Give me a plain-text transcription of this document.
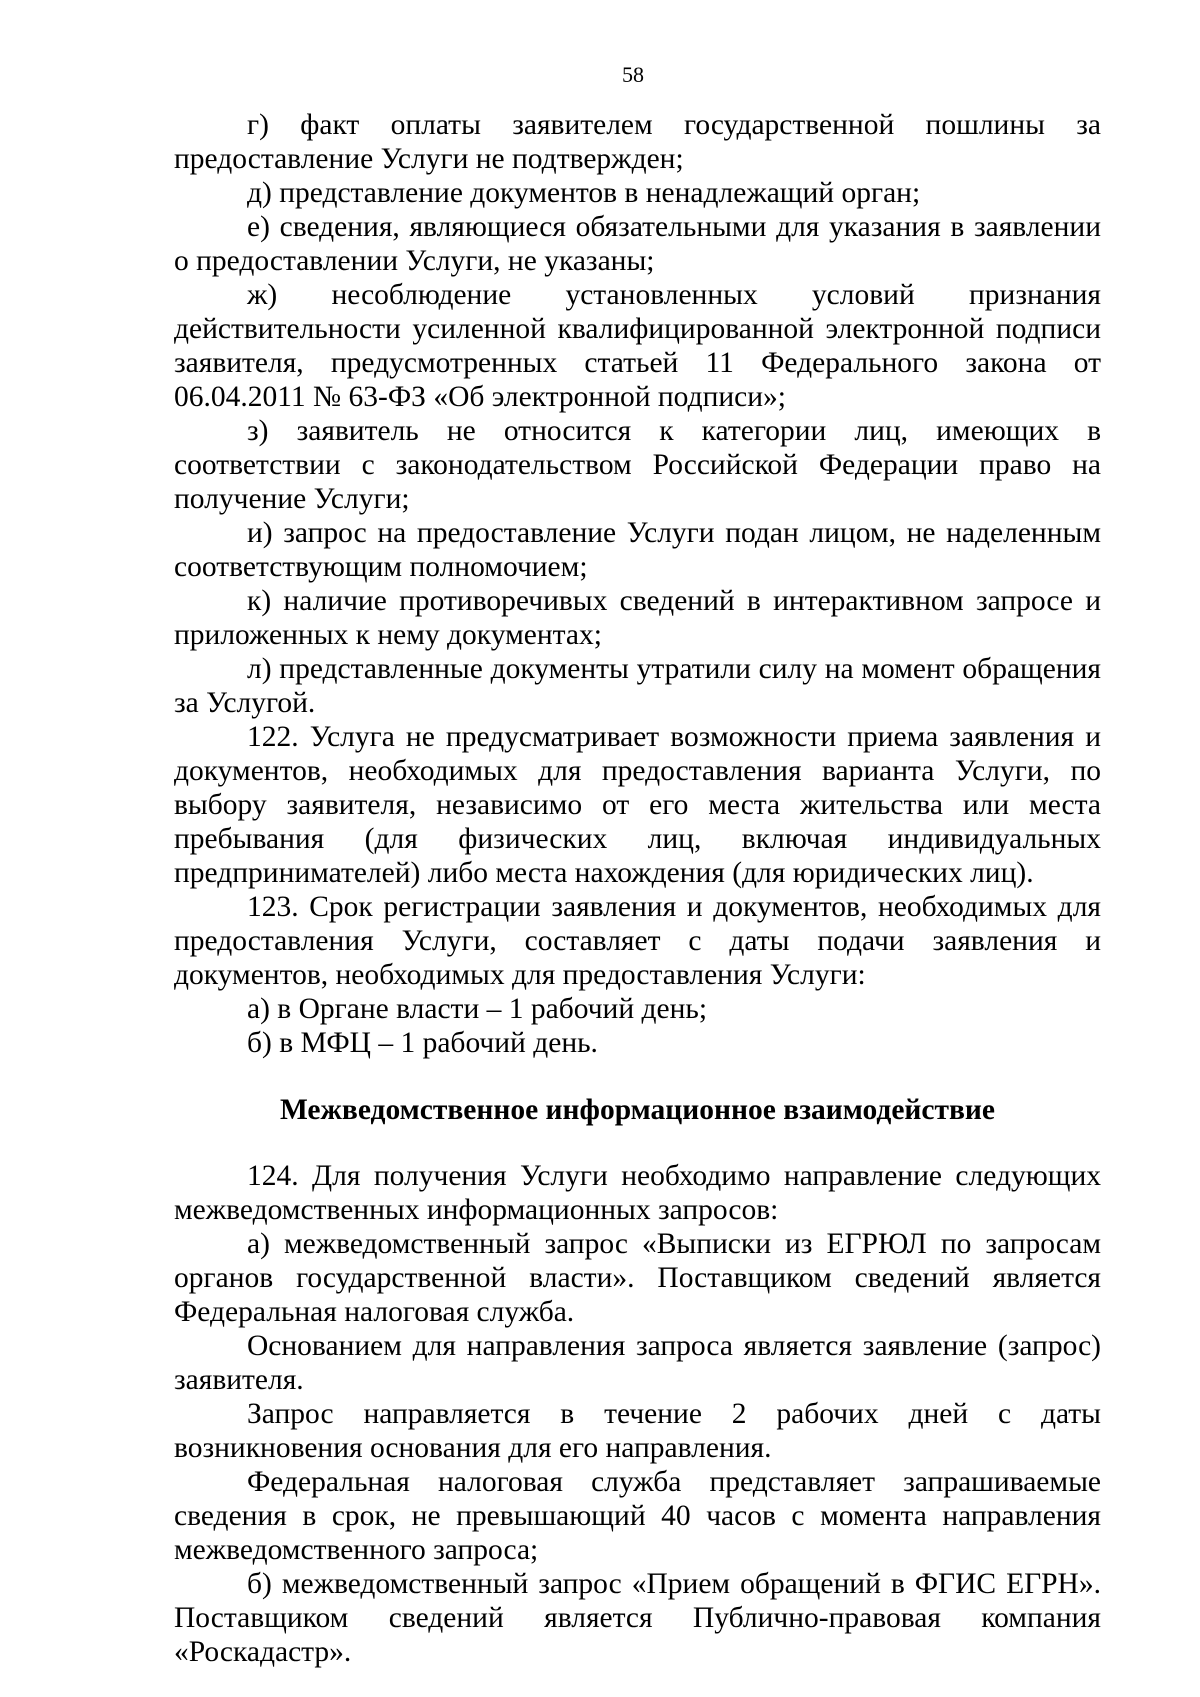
58

г) факт оплаты заявителем государственной пошлины за предоставление Услуги не подтвержден;

д) представление документов в ненадлежащий орган;

е) сведения, являющиеся обязательными для указания в заявлении о предоставлении Услуги, не указаны;

ж) несоблюдение установленных условий признания действительности усиленной квалифицированной электронной подписи заявителя, предусмотренных статьей 11 Федерального закона от 06.04.2011 № 63-ФЗ «Об электронной подписи»;

з) заявитель не относится к категории лиц, имеющих в соответствии с законодательством Российской Федерации право на получение Услуги;

и) запрос на предоставление Услуги подан лицом, не наделенным соответствующим полномочием;

к) наличие противоречивых сведений в интерактивном запросе и приложенных к нему документах;

л) представленные документы утратили силу на момент обращения за Услугой.

122. Услуга не предусматривает возможности приема заявления и документов, необходимых для предоставления варианта Услуги, по выбору заявителя, независимо от его места жительства или места пребывания (для физических лиц, включая индивидуальных предпринимателей) либо места нахождения (для юридических лиц).

123. Срок регистрации заявления и документов, необходимых для предоставления Услуги, составляет с даты подачи заявления и документов, необходимых для предоставления Услуги:

а) в Органе власти – 1 рабочий день;

б) в МФЦ – 1 рабочий день.

Межведомственное информационное взаимодействие

124. Для получения Услуги необходимо направление следующих межведомственных информационных запросов:

а) межведомственный запрос «Выписки из ЕГРЮЛ по запросам органов государственной власти». Поставщиком сведений является Федеральная налоговая служба.

Основанием для направления запроса является заявление (запрос) заявителя.

Запрос направляется в течение 2 рабочих дней с даты возникновения основания для его направления.

Федеральная налоговая служба представляет запрашиваемые сведения в срок, не превышающий 40 часов с момента направления межведомственного запроса;

б) межведомственный запрос «Прием обращений в ФГИС ЕГРН». Поставщиком сведений является Публично-правовая компания «Роскадастр».
